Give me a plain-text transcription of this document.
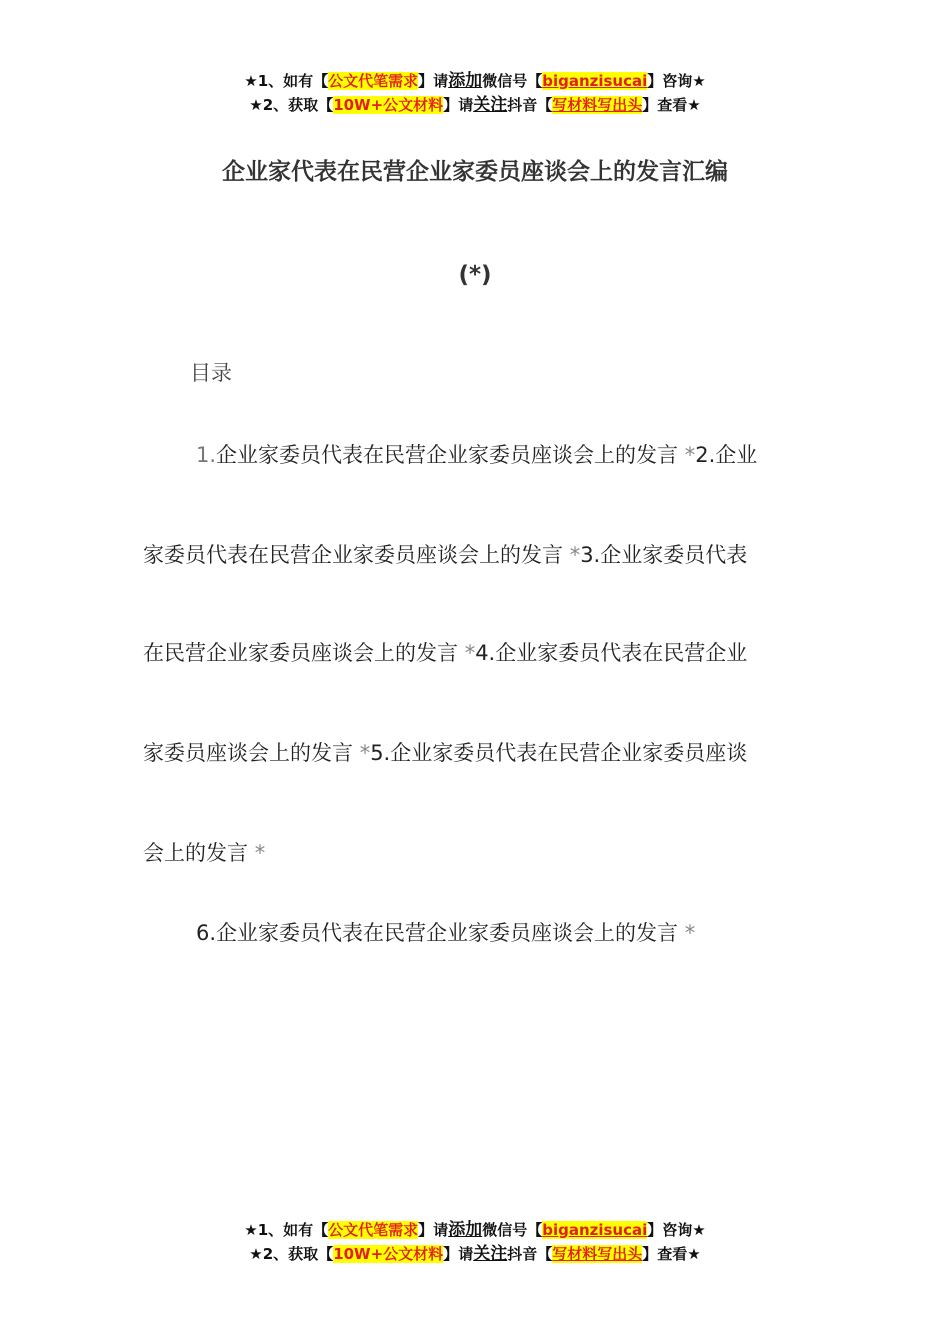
★1、如有【公文代笔需求】请添加微信号【biganzisucai】咨询★
★2、获取【10W+公文材料】请关注抖音【写材料写出头】查看★
企业家代表在民营企业家委员座谈会上的发言汇编
(*)
目录
1.企业家委员代表在民营企业家委员座谈会上的发言 *2.企业
家委员代表在民营企业家委员座谈会上的发言 *3.企业家委员代表
在民营企业家委员座谈会上的发言 *4.企业家委员代表在民营企业
家委员座谈会上的发言 *5.企业家委员代表在民营企业家委员座谈
会上的发言 *
6.企业家委员代表在民营企业家委员座谈会上的发言 *
★1、如有【公文代笔需求】请添加微信号【biganzisucai】咨询★
★2、获取【10W+公文材料】请关注抖音【写材料写出头】查看★
